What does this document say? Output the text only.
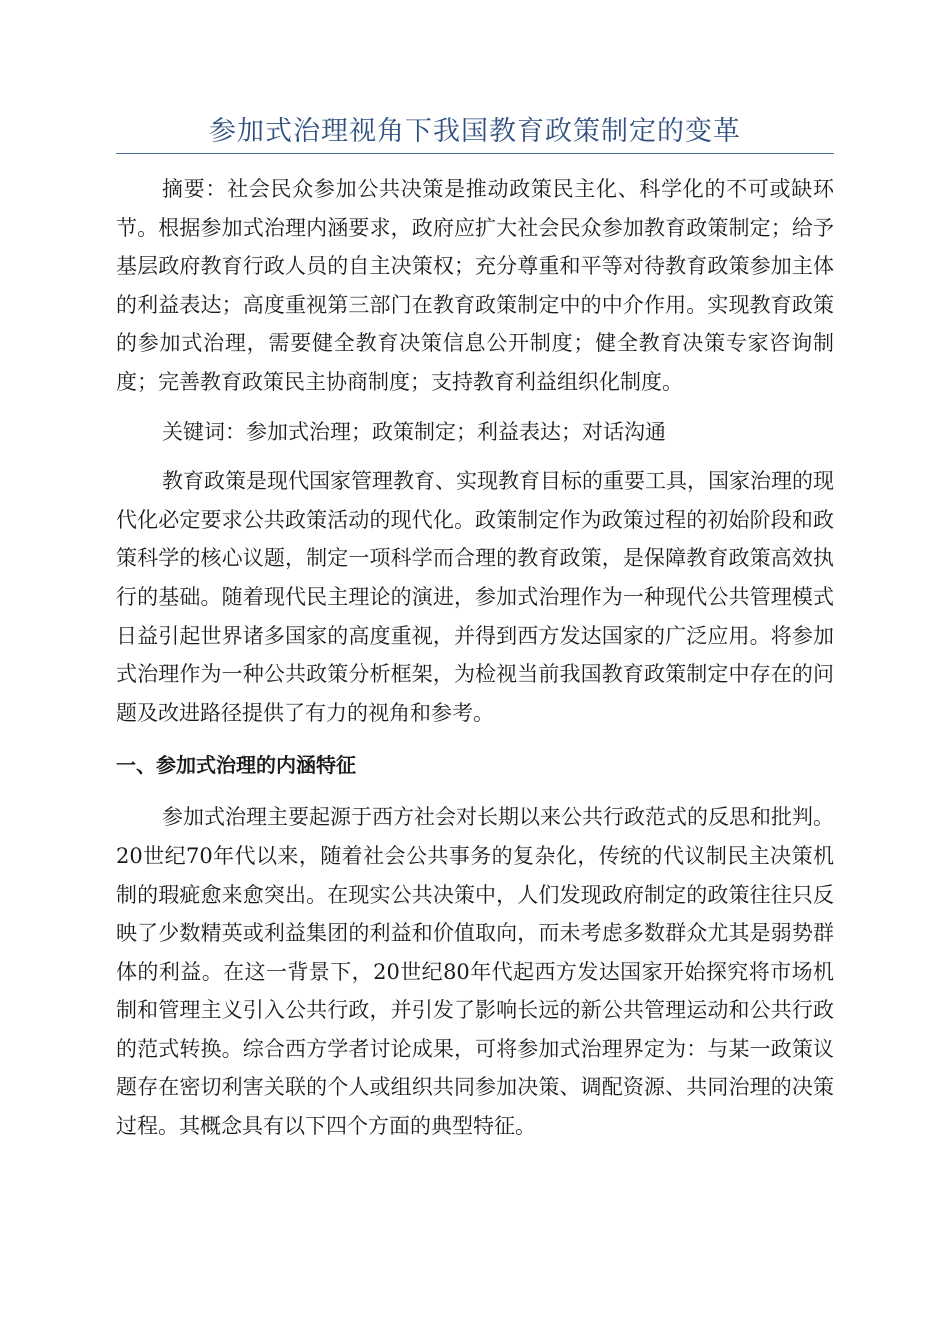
参加式治理视角下我国教育政策制定的变革

摘要：社会民众参加公共决策是推动政策民主化、科学化的不可或缺环节。根据参加式治理内涵要求，政府应扩大社会民众参加教育政策制定；给予基层政府教育行政人员的自主决策权；充分尊重和平等对待教育政策参加主体的利益表达；高度重视第三部门在教育政策制定中的中介作用。实现教育政策的参加式治理，需要健全教育决策信息公开制度；健全教育决策专家咨询制度；完善教育政策民主协商制度；支持教育利益组织化制度。

关键词：参加式治理；政策制定；利益表达；对话沟通

教育政策是现代国家管理教育、实现教育目标的重要工具，国家治理的现代化必定要求公共政策活动的现代化。政策制定作为政策过程的初始阶段和政策科学的核心议题，制定一项科学而合理的教育政策，是保障教育政策高效执行的基础。随着现代民主理论的演进，参加式治理作为一种现代公共管理模式日益引起世界诸多国家的高度重视，并得到西方发达国家的广泛应用。将参加式治理作为一种公共政策分析框架，为检视当前我国教育政策制定中存在的问题及改进路径提供了有力的视角和参考。

一、参加式治理的内涵特征

参加式治理主要起源于西方社会对长期以来公共行政范式的反思和批判。20世纪70年代以来，随着社会公共事务的复杂化，传统的代议制民主决策机制的瑕疵愈来愈突出。在现实公共决策中，人们发现政府制定的政策往往只反映了少数精英或利益集团的利益和价值取向，而未考虑多数群众尤其是弱势群体的利益。在这一背景下，20世纪80年代起西方发达国家开始探究将市场机制和管理主义引入公共行政，并引发了影响长远的新公共管理运动和公共行政的范式转换。综合西方学者讨论成果，可将参加式治理界定为：与某一政策议题存在密切利害关联的个人或组织共同参加决策、调配资源、共同治理的决策过程。其概念具有以下四个方面的典型特征。
